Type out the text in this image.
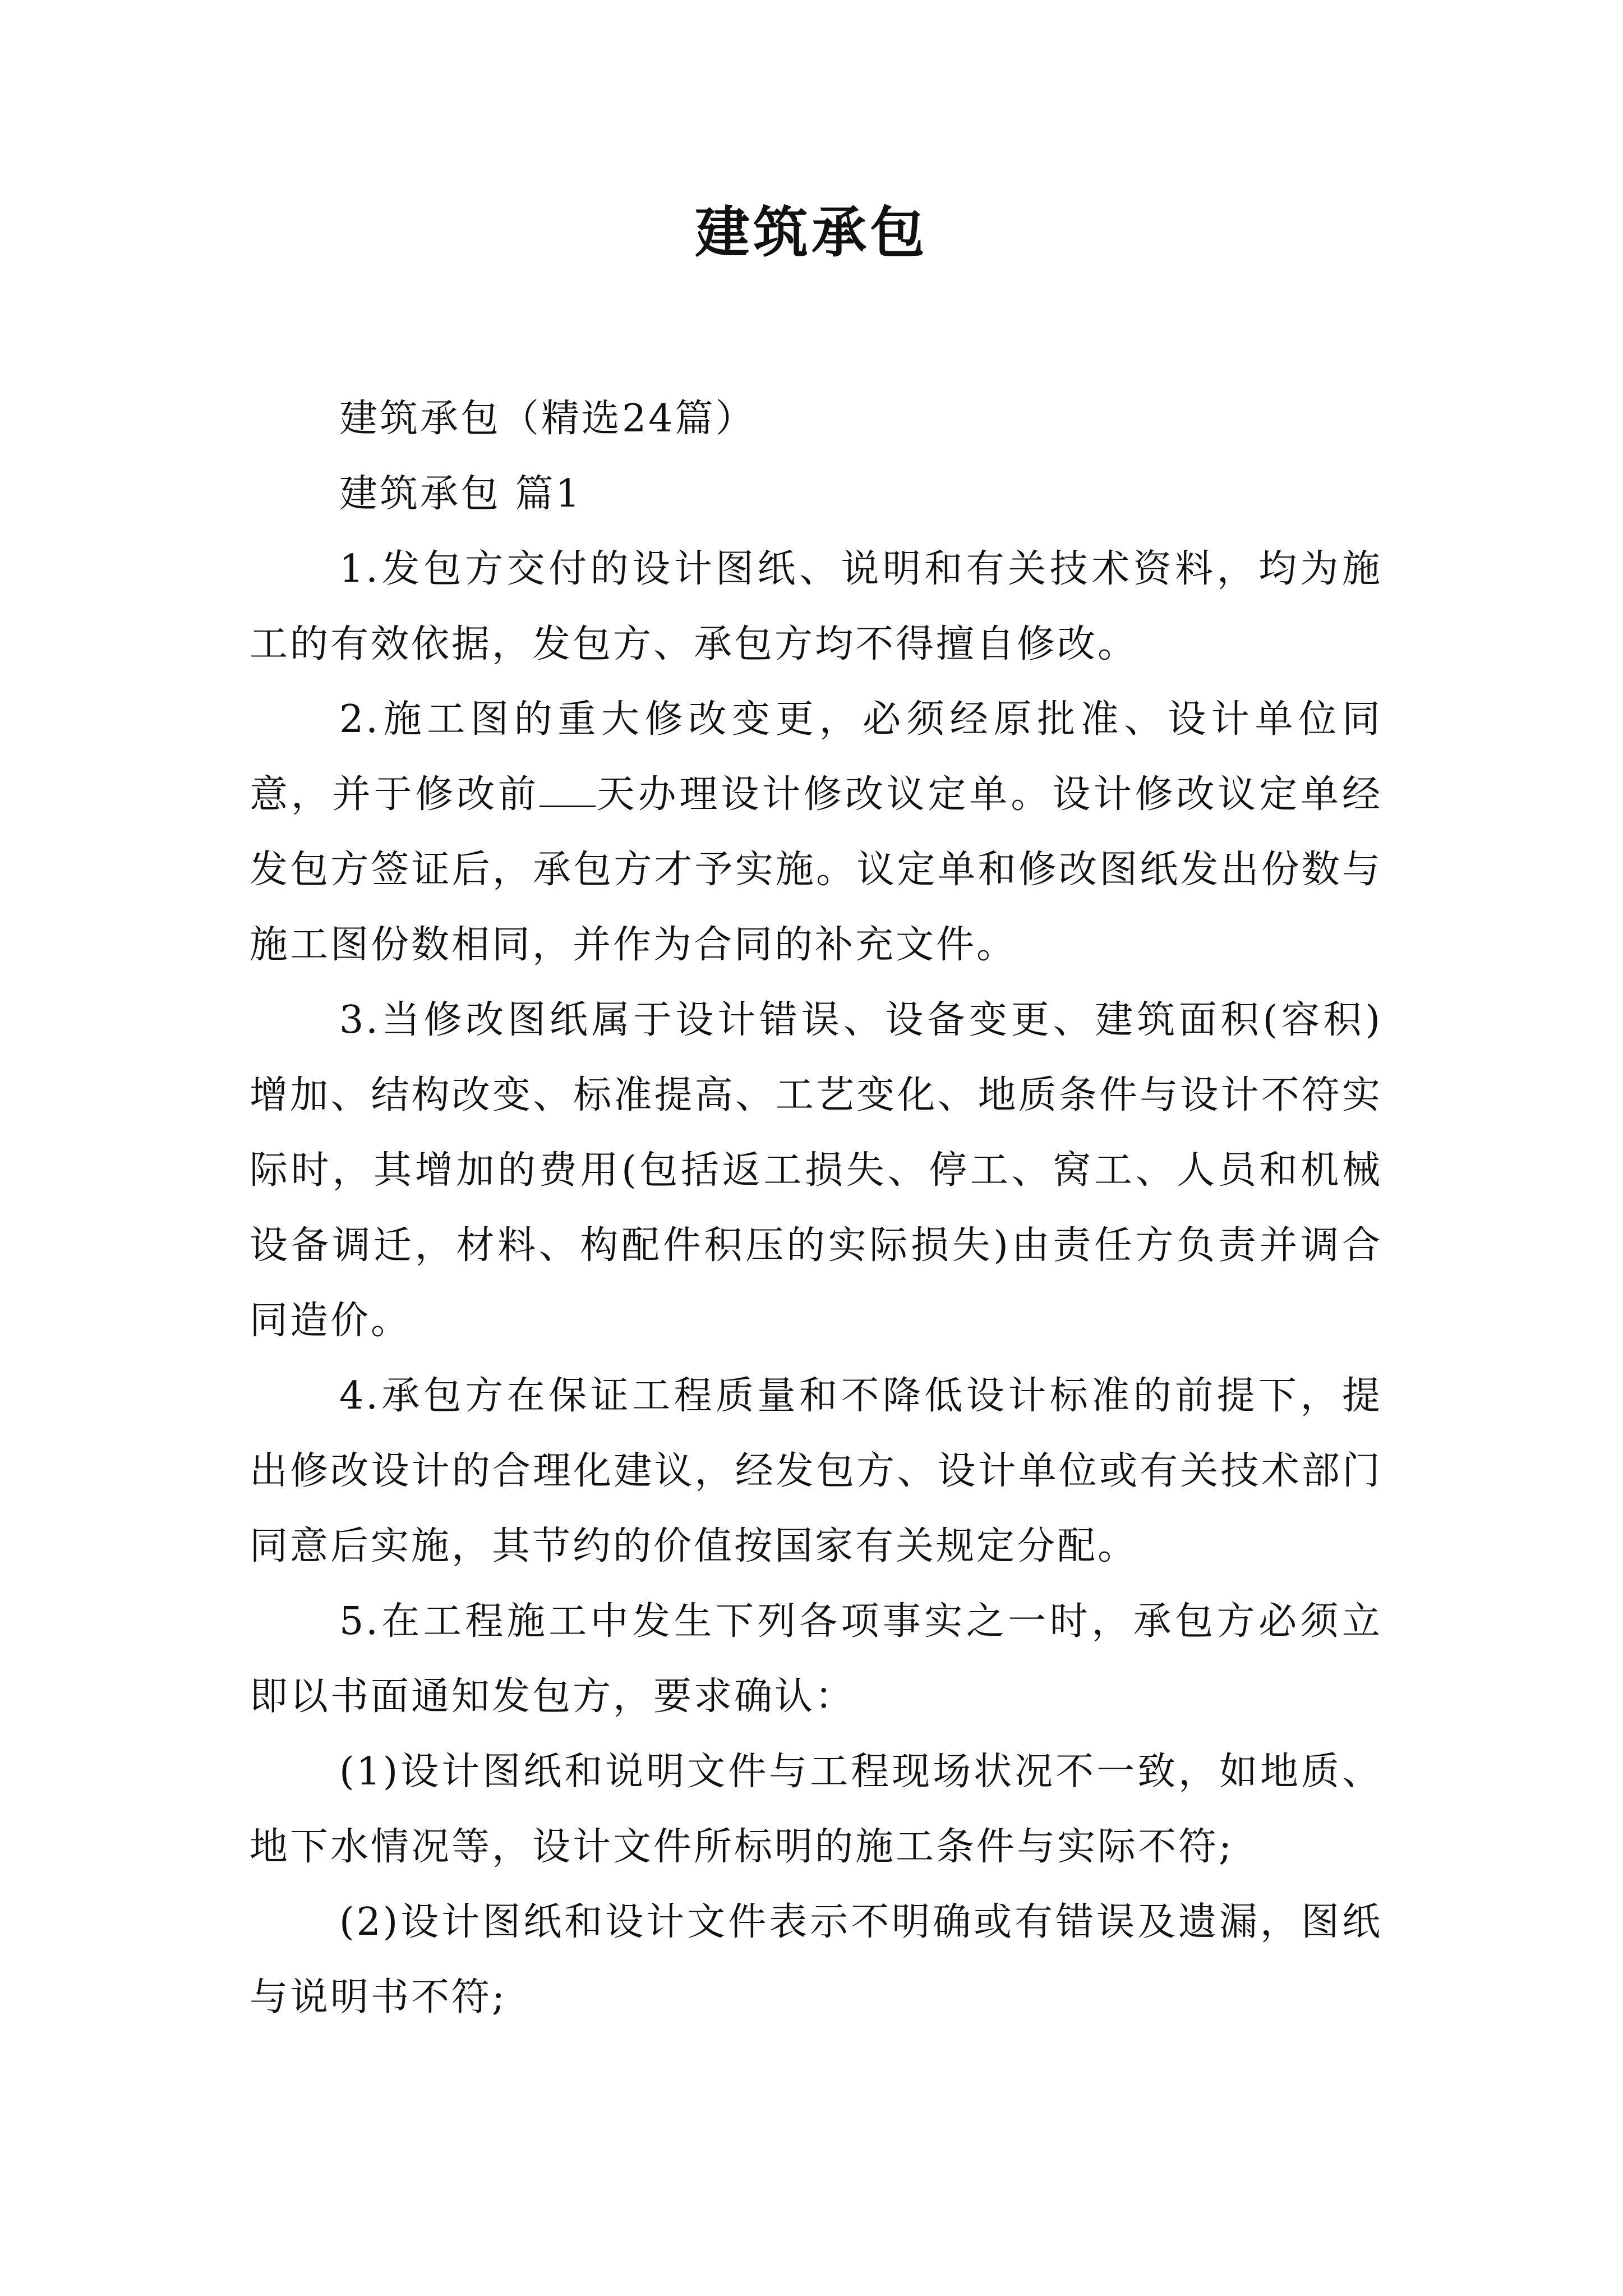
建筑承包

建筑承包（精选24篇）

建筑承包 篇1

1.发包方交付的设计图纸、说明和有关技术资料，均为施工的有效依据，发包方、承包方均不得擅自修改。

2.施工图的重大修改变更，必须经原批准、设计单位同意，并于修改前 天办理设计修改议定单。设计修改议定单经发包方签证后，承包方才予实施。议定单和修改图纸发出份数与施工图份数相同，并作为合同的补充文件。

3.当修改图纸属于设计错误、设备变更、建筑面积(容积)增加、结构改变、标准提高、工艺变化、地质条件与设计不符实际时，其增加的费用(包括返工损失、停工、窝工、人员和机械设备调迁，材料、构配件积压的实际损失)由责任方负责并调合同造价。

4.承包方在保证工程质量和不降低设计标准的前提下，提出修改设计的合理化建议，经发包方、设计单位或有关技术部门同意后实施，其节约的价值按国家有关规定分配。

5.在工程施工中发生下列各项事实之一时，承包方必须立即以书面通知发包方，要求确认：

(1)设计图纸和说明文件与工程现场状况不一致，如地质、地下水情况等，设计文件所标明的施工条件与实际不符;

(2)设计图纸和设计文件表示不明确或有错误及遗漏，图纸与说明书不符;
